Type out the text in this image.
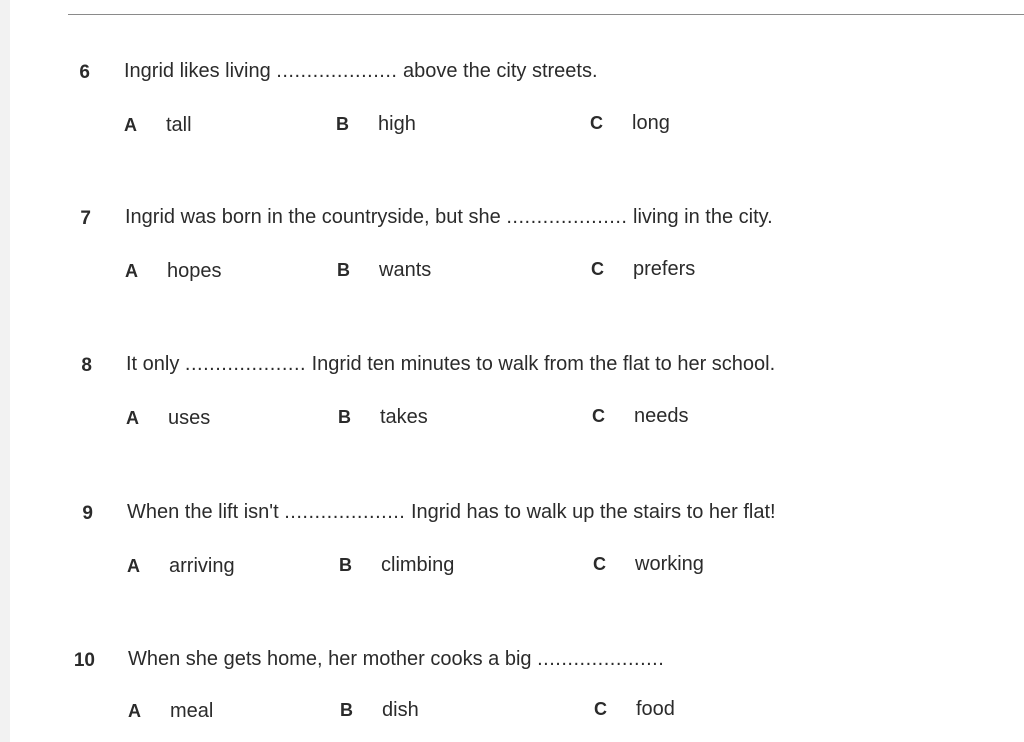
6 Ingrid likes living .................... above the city streets.
A tall	B high	C long
7 Ingrid was born in the countryside, but she .................... living in the city.
A hopes	B wants	C prefers
8 It only .................... Ingrid ten minutes to walk from the flat to her school.
A uses	B takes	C needs
9 When the lift isn't .................... Ingrid has to walk up the stairs to her flat!
A arriving	B climbing	C working
10 When she gets home, her mother cooks a big .....................
A meal	B dish	C food
